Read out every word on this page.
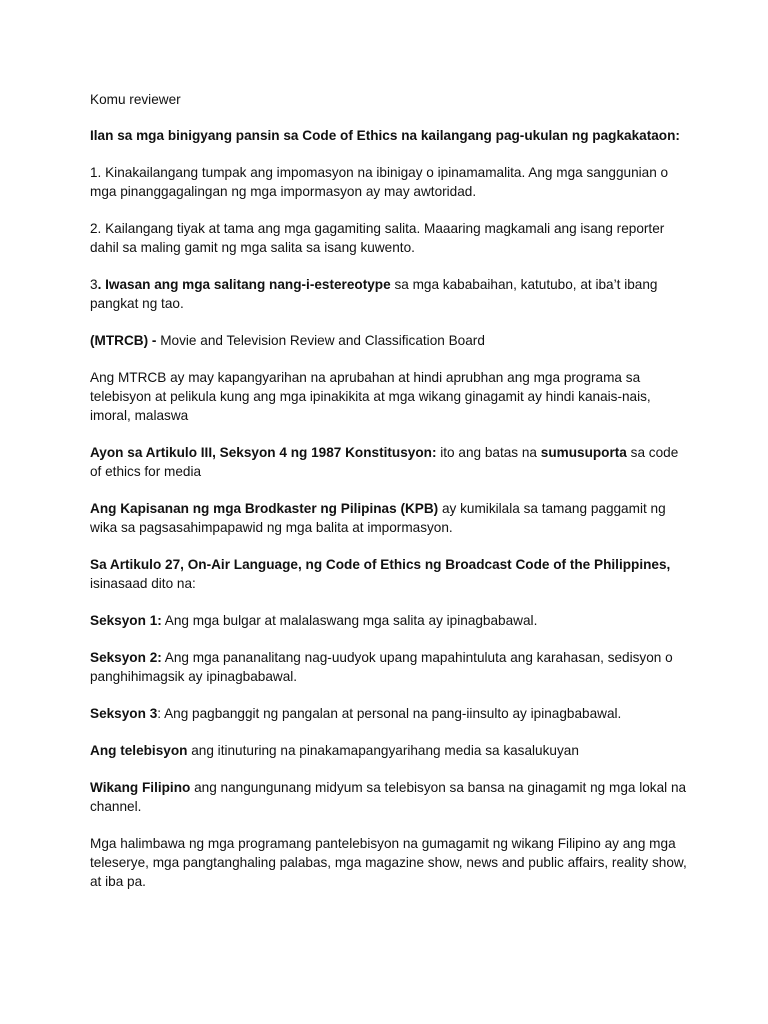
Komu reviewer

Ilan sa mga binigyang pansin sa Code of Ethics na kailangang pag-ukulan ng pagkakataon:

1. Kinakailangang tumpak ang impomasyon na ibinigay o ipinamamalita. Ang mga sanggunian o mga pinanggagalingan ng mga impormasyon ay may awtoridad.

2. Kailangang tiyak at tama ang mga gagamiting salita. Maaaring magkamali ang isang reporter dahil sa maling gamit ng mga salita sa isang kuwento.

3. Iwasan ang mga salitang nang-i-estereotype sa mga kababaihan, katutubo, at iba’t ibang pangkat ng tao.

(MTRCB) - Movie and Television Review and Classification Board

Ang MTRCB ay may kapangyarihan na aprubahan at hindi aprubhan ang mga programa sa telebisyon at pelikula kung ang mga ipinakikita at mga wikang ginagamit ay hindi kanais-nais, imoral, malaswa

Ayon sa Artikulo III, Seksyon 4 ng 1987 Konstitusyon: ito ang batas na sumusuporta sa code of ethics for media

Ang Kapisanan ng mga Brodkaster ng Pilipinas (KPB) ay kumikilala sa tamang paggamit ng wika sa pagsasahimpapawid ng mga balita at impormasyon.

Sa Artikulo 27, On-Air Language, ng Code of Ethics ng Broadcast Code of the Philippines, isinasaad dito na:

Seksyon 1: Ang mga bulgar at malalaswang mga salita ay ipinagbabawal.

Seksyon 2: Ang mga pananalitang nag-uudyok upang mapahintuluta ang karahasan, sedisyon o panghihimagsik ay ipinagbabawal.

Seksyon 3: Ang pagbanggit ng pangalan at personal na pang-iinsulto ay ipinagbabawal.

Ang telebisyon ang itinuturing na pinakamapangyarihang media sa kasalukuyan

Wikang Filipino ang nangungunang midyum sa telebisyon sa bansa na ginagamit ng mga lokal na channel.

Mga halimbawa ng mga programang pantelebisyon na gumagamit ng wikang Filipino ay ang mga teleserye, mga pangtanghaling palabas, mga magazine show, news and public affairs, reality show, at iba pa.
